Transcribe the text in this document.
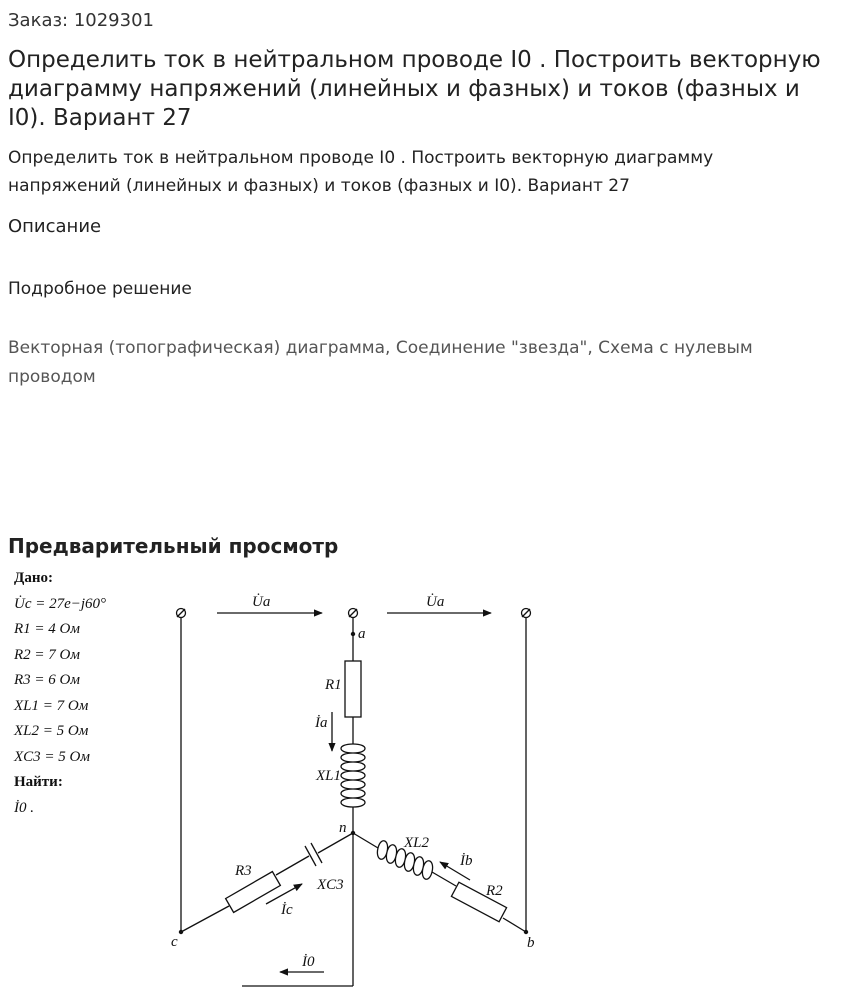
Заказ: 1029301
Определить ток в нейтральном проводе I0 . Построить векторную диаграмму напряжений (линейных и фазных) и токов (фазных и I0). Вариант 27
Определить ток в нейтральном проводе I0 . Построить векторную диаграмму напряжений (линейных и фазных) и токов (фазных и I0). Вариант 27
Описание
Подробное решение
Векторная (топографическая) диаграмма, Соединение "звезда", Схема с нулевым проводом
Предварительный просмотр
Дано:
U̇c = 27e−j60°
R1 = 4 Ом
R2 = 7 Ом
R3 = 6 Ом
XL1 = 7 Ом
XL2 = 5 Ом
XC3 = 5 Ом
Найти:
İ0 .
U̇a	U̇a
a
n
c	b
R1
İa
XL1
XL2
İb
R2
R3
XC3
İc
İ0
